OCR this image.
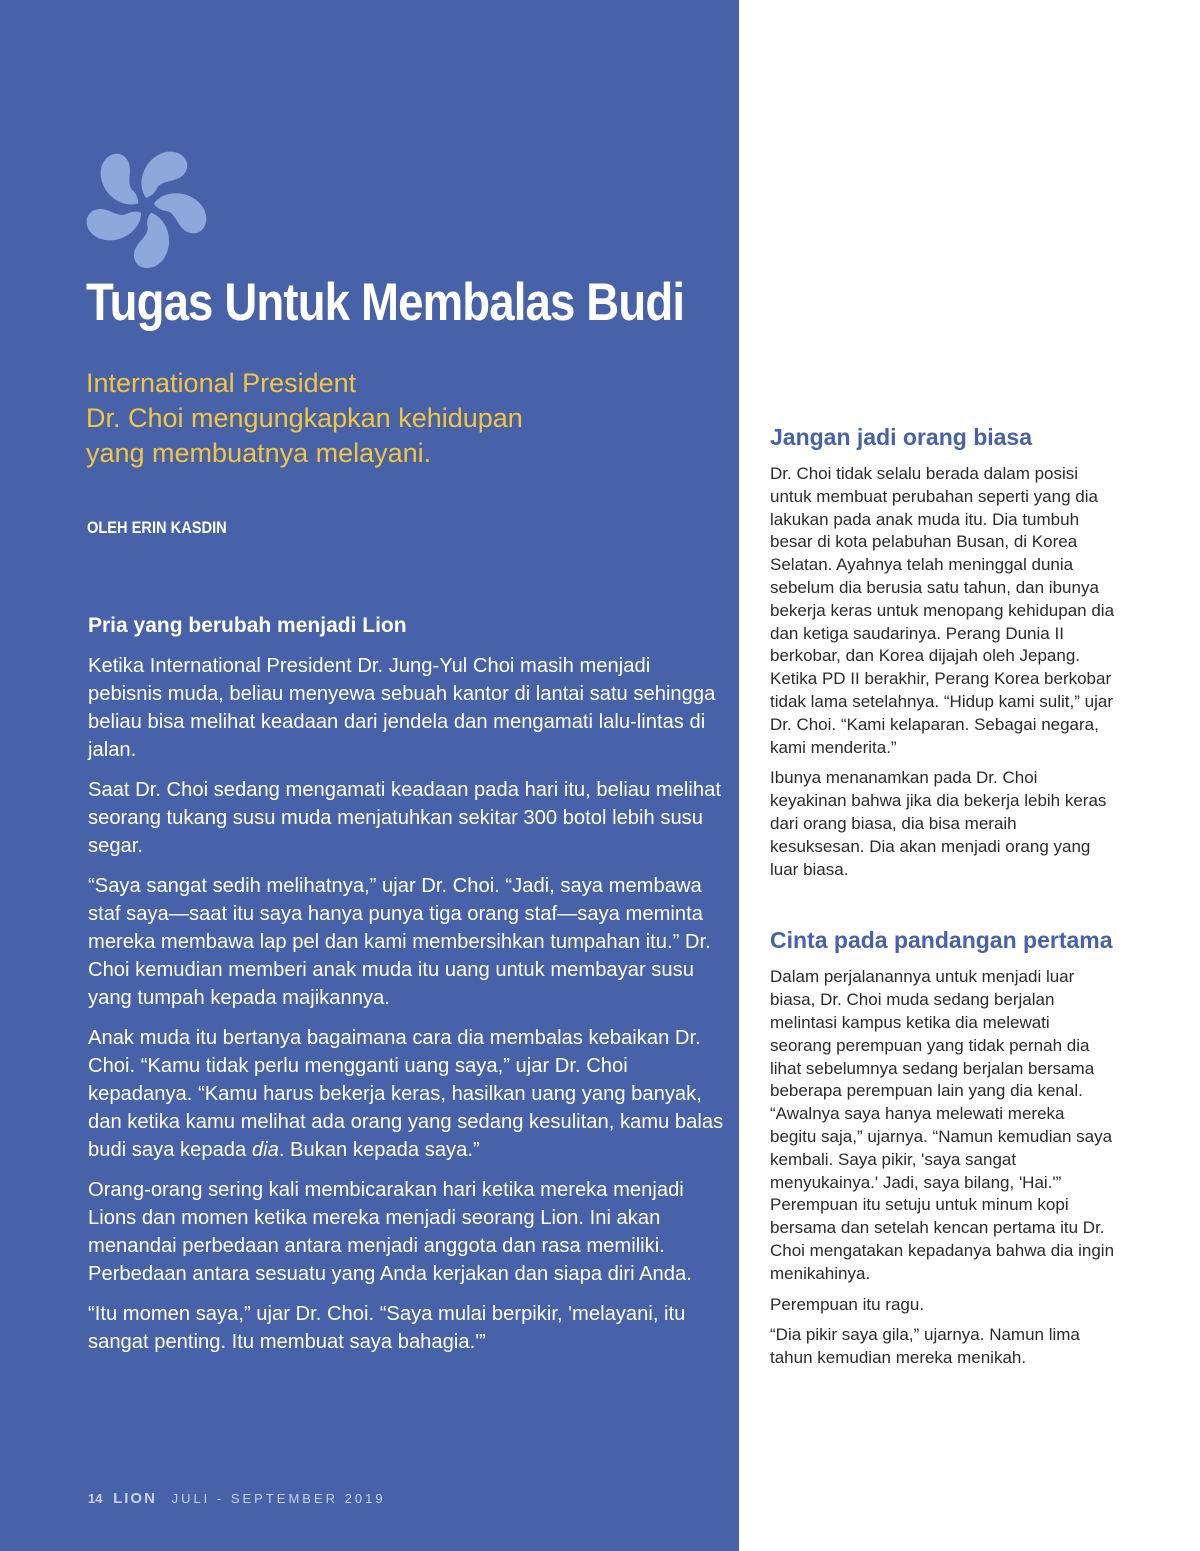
Tugas Untuk Membalas Budi
International President
Dr. Choi mengungkapkan kehidupan
yang membuatnya melayani.
OLEH ERIN KASDIN
Pria yang berubah menjadi Lion

Ketika International President Dr. Jung-Yul Choi masih menjadi pebisnis muda, beliau menyewa sebuah kantor di lantai satu sehingga beliau bisa melihat keadaan dari jendela dan mengamati lalu-lintas di jalan.

Saat Dr. Choi sedang mengamati keadaan pada hari itu, beliau melihat seorang tukang susu muda menjatuhkan sekitar 300 botol lebih susu segar.

“Saya sangat sedih melihatnya,” ujar Dr. Choi. “Jadi, saya membawa staf saya—saat itu saya hanya punya tiga orang staf—saya meminta mereka membawa lap pel dan kami membersihkan tumpahan itu.” Dr. Choi kemudian memberi anak muda itu uang untuk membayar susu yang tumpah kepada majikannya.

Anak muda itu bertanya bagaimana cara dia membalas kebaikan Dr. Choi. “Kamu tidak perlu mengganti uang saya,” ujar Dr. Choi kepadanya. “Kamu harus bekerja keras, hasilkan uang yang banyak, dan ketika kamu melihat ada orang yang sedang kesulitan, kamu balas budi saya kepada dia. Bukan kepada saya.”

Orang-orang sering kali membicarakan hari ketika mereka menjadi Lions dan momen ketika mereka menjadi seorang Lion. Ini akan menandai perbedaan antara menjadi anggota dan rasa memiliki. Perbedaan antara sesuatu yang Anda kerjakan dan siapa diri Anda.

“Itu momen saya,” ujar Dr. Choi. “Saya mulai berpikir, 'melayani, itu sangat penting. Itu membuat saya bahagia.'”

14 LION JULI - SEPTEMBER 2019
Jangan jadi orang biasa

Dr. Choi tidak selalu berada dalam posisi untuk membuat perubahan seperti yang dia lakukan pada anak muda itu. Dia tumbuh besar di kota pelabuhan Busan, di Korea Selatan. Ayahnya telah meninggal dunia sebelum dia berusia satu tahun, dan ibunya bekerja keras untuk menopang kehidupan dia dan ketiga saudarinya. Perang Dunia II berkobar, dan Korea dijajah oleh Jepang. Ketika PD II berakhir, Perang Korea berkobar tidak lama setelahnya. “Hidup kami sulit,” ujar Dr. Choi. “Kami kelaparan. Sebagai negara, kami menderita.”

Ibunya menanamkan pada Dr. Choi keyakinan bahwa jika dia bekerja lebih keras dari orang biasa, dia bisa meraih kesuksesan. Dia akan menjadi orang yang luar biasa.

Cinta pada pandangan pertama

Dalam perjalanannya untuk menjadi luar biasa, Dr. Choi muda sedang berjalan melintasi kampus ketika dia melewati seorang perempuan yang tidak pernah dia lihat sebelumnya sedang berjalan bersama beberapa perempuan lain yang dia kenal. “Awalnya saya hanya melewati mereka begitu saja,” ujarnya. “Namun kemudian saya kembali. Saya pikir, 'saya sangat menyukainya.' Jadi, saya bilang, 'Hai.'” Perempuan itu setuju untuk minum kopi bersama dan setelah kencan pertama itu Dr. Choi mengatakan kepadanya bahwa dia ingin menikahinya.

Perempuan itu ragu.

“Dia pikir saya gila,” ujarnya. Namun lima tahun kemudian mereka menikah.
